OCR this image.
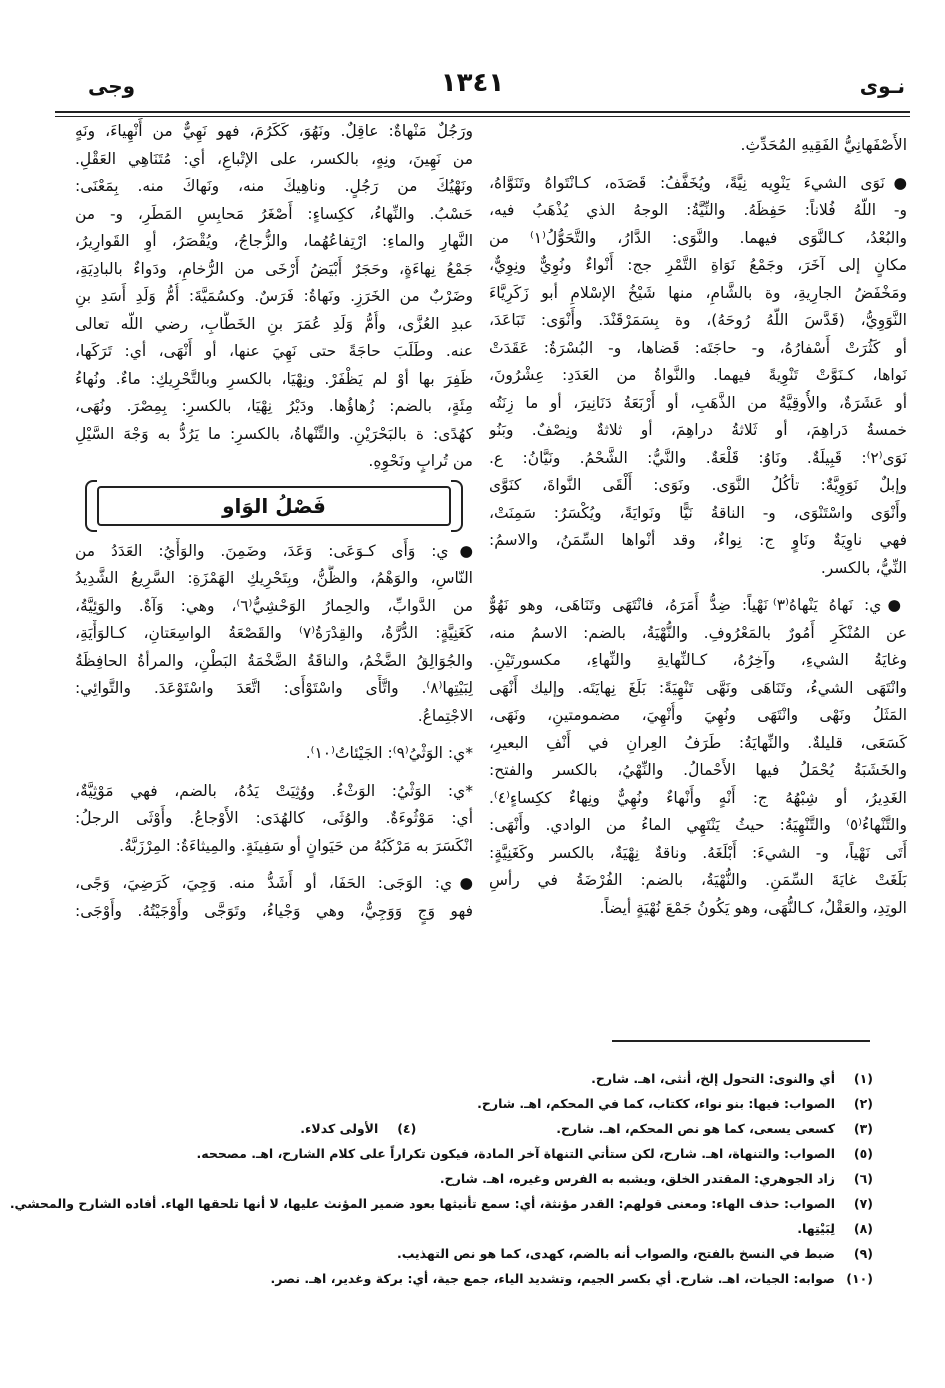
نـوى
١٣٤١
وجى
الأَصْفَهانِيُّ الفَقِيهِ المُحَدِّثِ.
●نَوَى الشيءَ يَنْوِيه نِيَّةً، ويُخَفَّفُ: قَصَدَه، كـانْتَواهُ وتَنَوَّاهُ،
و- اللّهُ فُلاناً: حَفِظَهُ. والنِّيَّةُ: الوجهُ الذي يُذْهَبُ فيه،
والبُعْدُ، كـالنَّوَى فيهما. والنَّوَى: الدَّارُ، والتَّحَوُّلُ⁽١⁾ من
مكانٍ إلى آخَرَ، وجَمْعُ نَوَاةِ التَّمْرِ جج: أَنْواءٌ ونُوِيٌّ ونِوِيٌّ،
ومَخْفَضُ الجارِيةِ، وة بالشَّامِ، منها شَيْخُ الإسْلامِ أبو زَكَرِيَّاءَ
النَّوَوِيُّ، (قَدَّسَ اللّهُ رُوحَهُ)، وة بِسَمَرْقَنْدَ. وأَنْوَى: تَبَاعَدَ،
أو كَثُرَتْ أَسْفارُهُ، و- حاجَتَه: قَضاها، و- البُسْرَةُ: عَقَدَتْ
نَواها، كـنَوَّتْ تَنْوِيةً فيهما. والنَّواةُ من العَدَدِ: عِشْرُونَ،
أو عَشَرَةٌ، والأُوقِيَّةُ من الذَّهَبِ، أو أَرْبَعَةُ دَنَانِيرَ، أو ما زِنَتُه
خمسةُ دَراهِمَ، أو ثَلاثةُ دراهِمَ، أو ثلاثةٌ ونِصْفٌ. وبَنُو
نَوَى⁽٢⁾: قَبِيلَةٌ. ونَاوُ: قَلْعَةٌ. والنَّيُّ: الشَّحْمُ. ونَيَّانُ: ع.
وإبلٌ نَوَوِيَّةٌ: تأكُلُ النَّوَى. ونَوَى: أَلْقَى النَّواةَ، كنَوَّى
وأَنْوَى واسْتَنْوَى، و- الناقةُ نَيًّا ونَوايَةً، ويُكْسَرُ: سَمِنَتْ،
فهي ناوِيَةٌ ونَاوٍ ج: نِواءٌ، وقد أنْواها السِّمَنُ، والاسمُ:
النِّيُّ، بالكسر.
●ي: نَهاهُ يَنْهاهُ⁽٣⁾ نَهْياً: ضِدُّ أَمَرَهُ، فانْتَهَى وتَنَاهَى، وهو نَهُوٌّ
عن المُنْكَرِ أَمُورٌ بالمَعْرُوفِ. والنُّهْيَةُ، بالضم: الاسمُ منه،
وغايَةُ الشيءِ، وآخِرُهُ، كـالنِّهايةِ والنِّهاءِ، مكسورتَيْنِ.
وانْتَهَى الشيءُ، وتَنَاهَى ونَهَّى تَنْهِيَةً: بَلَغَ نِهايَتَه. وإليك أَنْهَى
المَثَلُ ونَهْى وانْتَهَى ونُهِيَ وأُنْهِيَ، مضمومتينِ، ونَهَى،
كَسَعَى، قليلةٌ. والنِّهايَةُ: طَرَفُ العِرانِ في أَنْفِ البعيرِ،
والخَشَبَةُ يُحْمَلُ فيها الأَحْمالُ. والنِّهْيُ، بالكسر والفتح:
الغَدِيرُ، أو شِبْهُهُ ج: أَنْهٍ وأَنْهاءٌ ونُهِيٌّ ونِهاءٌ ككِساءٍ⁽٤⁾.
والتَّنْهاءُ⁽٥⁾ والتَّنْهِيَةُ: حيثُ يَنْتَهِي الماءُ من الوادي. وأَنْهَى:
أَتَى نَهْياً، و- الشيءَ: أَبْلَغَهُ. وناقةٌ نِهْيَةٌ، بالكسر وكَغَنِيَّةٍ:
بَلَغَتْ غايَةَ السِّمَنِ. والنُّهْيَةُ، بالضم: الفُرْضَةُ في رأسِ
الوتِدِ، والعَقْلُ، كـالنُّهَى، وهو يَكُونُ جَمْعَ نُهْيَةٍ أيضاً.
ورَجُلٌ مَنْهاةٌ: عاقِلٌ. ونَهُوَ، كَكَرُمَ، فهو نَهِيٌّ من أَنْهِياءَ، ونَهٍ
من نَهِينَ، ونِهٍ، بالكسر، على الإتْباعِ، أي: مُتَنَاهِي العَقْلِ.
ونَهْيُكَ من رَجُلٍ. وناهِيكَ منه، ونَهاكَ منه. بِمَعْنَى:
حَسْبُ. والنِّهاءُ، ككِساءٍ: أَصْغَرُ مَحابِسِ المَطَرِ، و- من
النَّهارِ والماءِ: ارْتِفاعُهُما، والزُّجاجُ، ويُقْصَرُ، أوِ القَوارِيرُ،
جَمْعُ نِهاءَةٍ، وحَجَرٌ أَبْيَضُ أَرْخَى من الرُّخامِ، ودَواءٌ بالبادِيَةِ،
وضَرْبٌ من الخَرَزِ. ونَهاةُ: فَرَسٌ. وكسُمَيَّةَ: أُمُّ وَلَدِ أَسَدِ بنِ
عبدِ العُزَّى، وأُمُّ وَلَدِ عُمَرَ بنِ الخَطَّابِ، رضي اللّه تعالى
عنه. وطَلَبَ حاجَةً حتى نَهِيَ عنها، أو أَنْهَى، أي: تَرَكَها،
ظَفِرَ بها أوْ لم يَظْفَرْ. ونِهْيَا، بالكسرِ وبالتَّحْرِيكِ: ماءٌ. ونُهاءُ
مِئَةٍ، بالضم: زُهاؤُها. ودَيْرُ نِهْيَا، بالكسرِ: بِمِصْرَ. ونُهَى،
كهُدًى: ة بالبَحْرَيْنِ. والتِّنْهاةُ، بالكسرِ: ما يَرُدُّ به وَجْهَ السَّيْلِ
من تُرابٍ ونَحْوِهِ.
فَصْلُ الوَاو
●ي: وَأَى كـوَعَى: وَعَدَ، وضَمِنَ. والوَأْيُ: العَدَدُ من
النّاسِ، والوَهْمُ، والظَّنُّ، وبِتَحْرِيكِ الهَمْزَةِ: السَّرِيعُ الشَّدِيدُ
من الدَّوابِّ، والحِمارُ الوَحْشِيُّ⁽٦⁾، وهي: وَآةٌ. والوَئِيَّةُ،
كَغَنِيَّةٍ: الدُّرَّةُ، والقِدْرَةُ⁽٧⁾ والقَصْعَةُ الواسِعَتانِ، كـالوَأْيَةِ،
والجُوَالِقُ الضَّخْمُ، والناقَةُ الضَّخْمَةُ البَطْنِ، والمرأةُ الحافِظَةُ
لِبَيْتِها⁽٨⁾. واتَّأَى واسْتَوْأَى: اتَّعَدَ واسْتَوْعَدَ. والتَّوائِي:
الاجْتِماعُ.
*ي: الوَثْيُ⁽٩⁾: الجَيْئاتُ⁽١٠⁾.
*ي: الوَثْيُ: الوَثْءُ. ووُثِيَتْ يَدُهُ، بالضم، فهي مَوْثِيَّةٌ،
أي: مَوْثُوءَةٌ. والوُثَى، كالهُدَى: الأَوْجاعُ. وأَوْثَى الرجلُ:
انْكَسَرَ به مَرْكَبُهُ من حَيَوانٍ أو سَفِينَةٍ. والمِيثاءَةُ: المِرْزَبَّةُ.
●ي: الوَجَى: الحَفَا، أو أَشَدُّ منه. وَجِيَ، كَرَضِيَ، وَجًى،
فهو وَجٍ وَوَجِيٌّ، وهي وَجْياءُ، وتَوَجَّى وأَوْجَيْتُهُ. وأَوْجَى:
(١)أي والنوى: التحول إلخ، أنثى، اهـ. شارح.
(٢)الصواب: فيها: بنو نواء، ككتاب، كما في المحكم، اهـ. شارح.
(٣)كسعى يسعى، كما هو نص المحكم، اهـ. شارح.(٤)الأولى كدلاء.
(٥)الصواب: والتنهاة، اهـ. شارح، لكن ستأتي التنهاة آخر المادة، فيكون تكراراً على كلام الشارح، اهـ. مصححه.
(٦)زاد الجوهري: المقتدر الخلق، ويشبه به الفرس وغيره، اهـ. شارح.
(٧)الصواب: حذف الهاء: ومعنى قولهم: القدر مؤنثة، أي: سمع تأنيثها بعود ضمير المؤنث عليها، لا أنها تلحقها الهاء. أفاده الشارح والمحشي.
(٨)لِبَيْتِها.
(٩)ضبط في النسخ بالفتح، والصواب أنه بالضم، كهدى، كما هو نص التهذيب.
(١٠)صوابه: الجيات، اهـ. شارح. أي بكسر الجيم، وتشديد الياء، جمع جية، أي: بركة وغدير، اهـ. نصر.
